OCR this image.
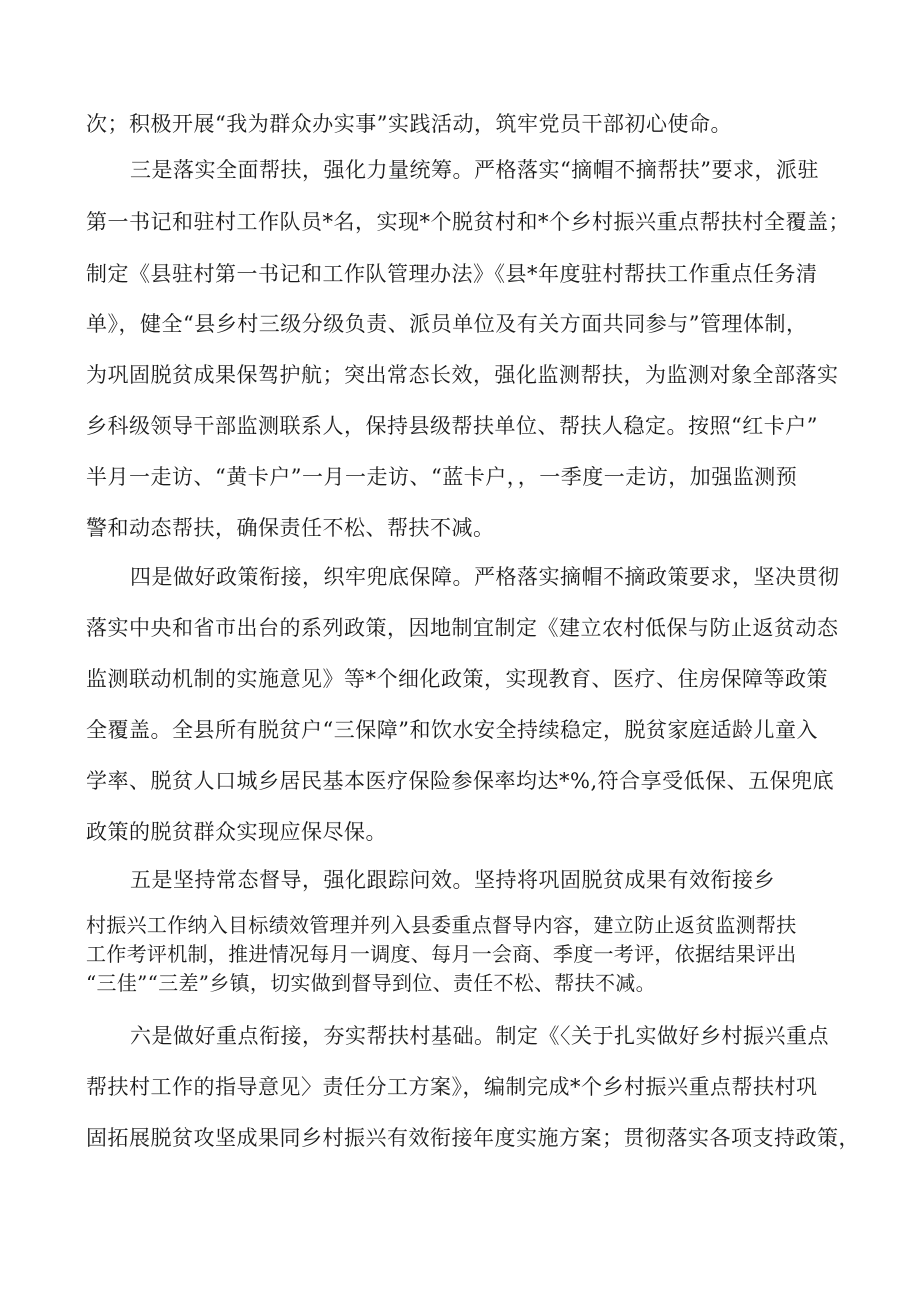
次；积极开展“我为群众办实事”实践活动，筑牢党员干部初心使命。
三是落实全面帮扶，强化力量统筹。严格落实“摘帽不摘帮扶”要求，派驻
第一书记和驻村工作队员*名，实现*个脱贫村和*个乡村振兴重点帮扶村全覆盖；
制定《县驻村第一书记和工作队管理办法》《县*年度驻村帮扶工作重点任务清
单》，健全“县乡村三级分级负责、派员单位及有关方面共同参与”管理体制，
为巩固脱贫成果保驾护航；突出常态长效，强化监测帮扶，为监测对象全部落实
乡科级领导干部监测联系人，保持县级帮扶单位、帮扶人稳定。按照“红卡户”
半月一走访、“黄卡户”一月一走访、“蓝卡户，，一季度一走访，加强监测预
警和动态帮扶，确保责任不松、帮扶不减。
四是做好政策衔接，织牢兜底保障。严格落实摘帽不摘政策要求，坚决贯彻
落实中央和省市出台的系列政策，因地制宜制定《建立农村低保与防止返贫动态
监测联动机制的实施意见》等*个细化政策，实现教育、医疗、住房保障等政策
全覆盖。全县所有脱贫户“三保障”和饮水安全持续稳定，脱贫家庭适龄儿童入
学率、脱贫人口城乡居民基本医疗保险参保率均达*%,符合享受低保、五保兜底
政策的脱贫群众实现应保尽保。
五是坚持常态督导，强化跟踪问效。坚持将巩固脱贫成果有效衔接乡
村振兴工作纳入目标绩效管理并列入县委重点督导内容，建立防止返贫监测帮扶
工作考评机制，推进情况每月一调度、每月一会商、季度一考评，依据结果评出
“三佳”“三差”乡镇，切实做到督导到位、责任不松、帮扶不减。
六是做好重点衔接，夯实帮扶村基础。制定《〈关于扎实做好乡村振兴重点
帮扶村工作的指导意见〉责任分工方案》，编制完成*个乡村振兴重点帮扶村巩
固拓展脱贫攻坚成果同乡村振兴有效衔接年度实施方案；贯彻落实各项支持政策，
